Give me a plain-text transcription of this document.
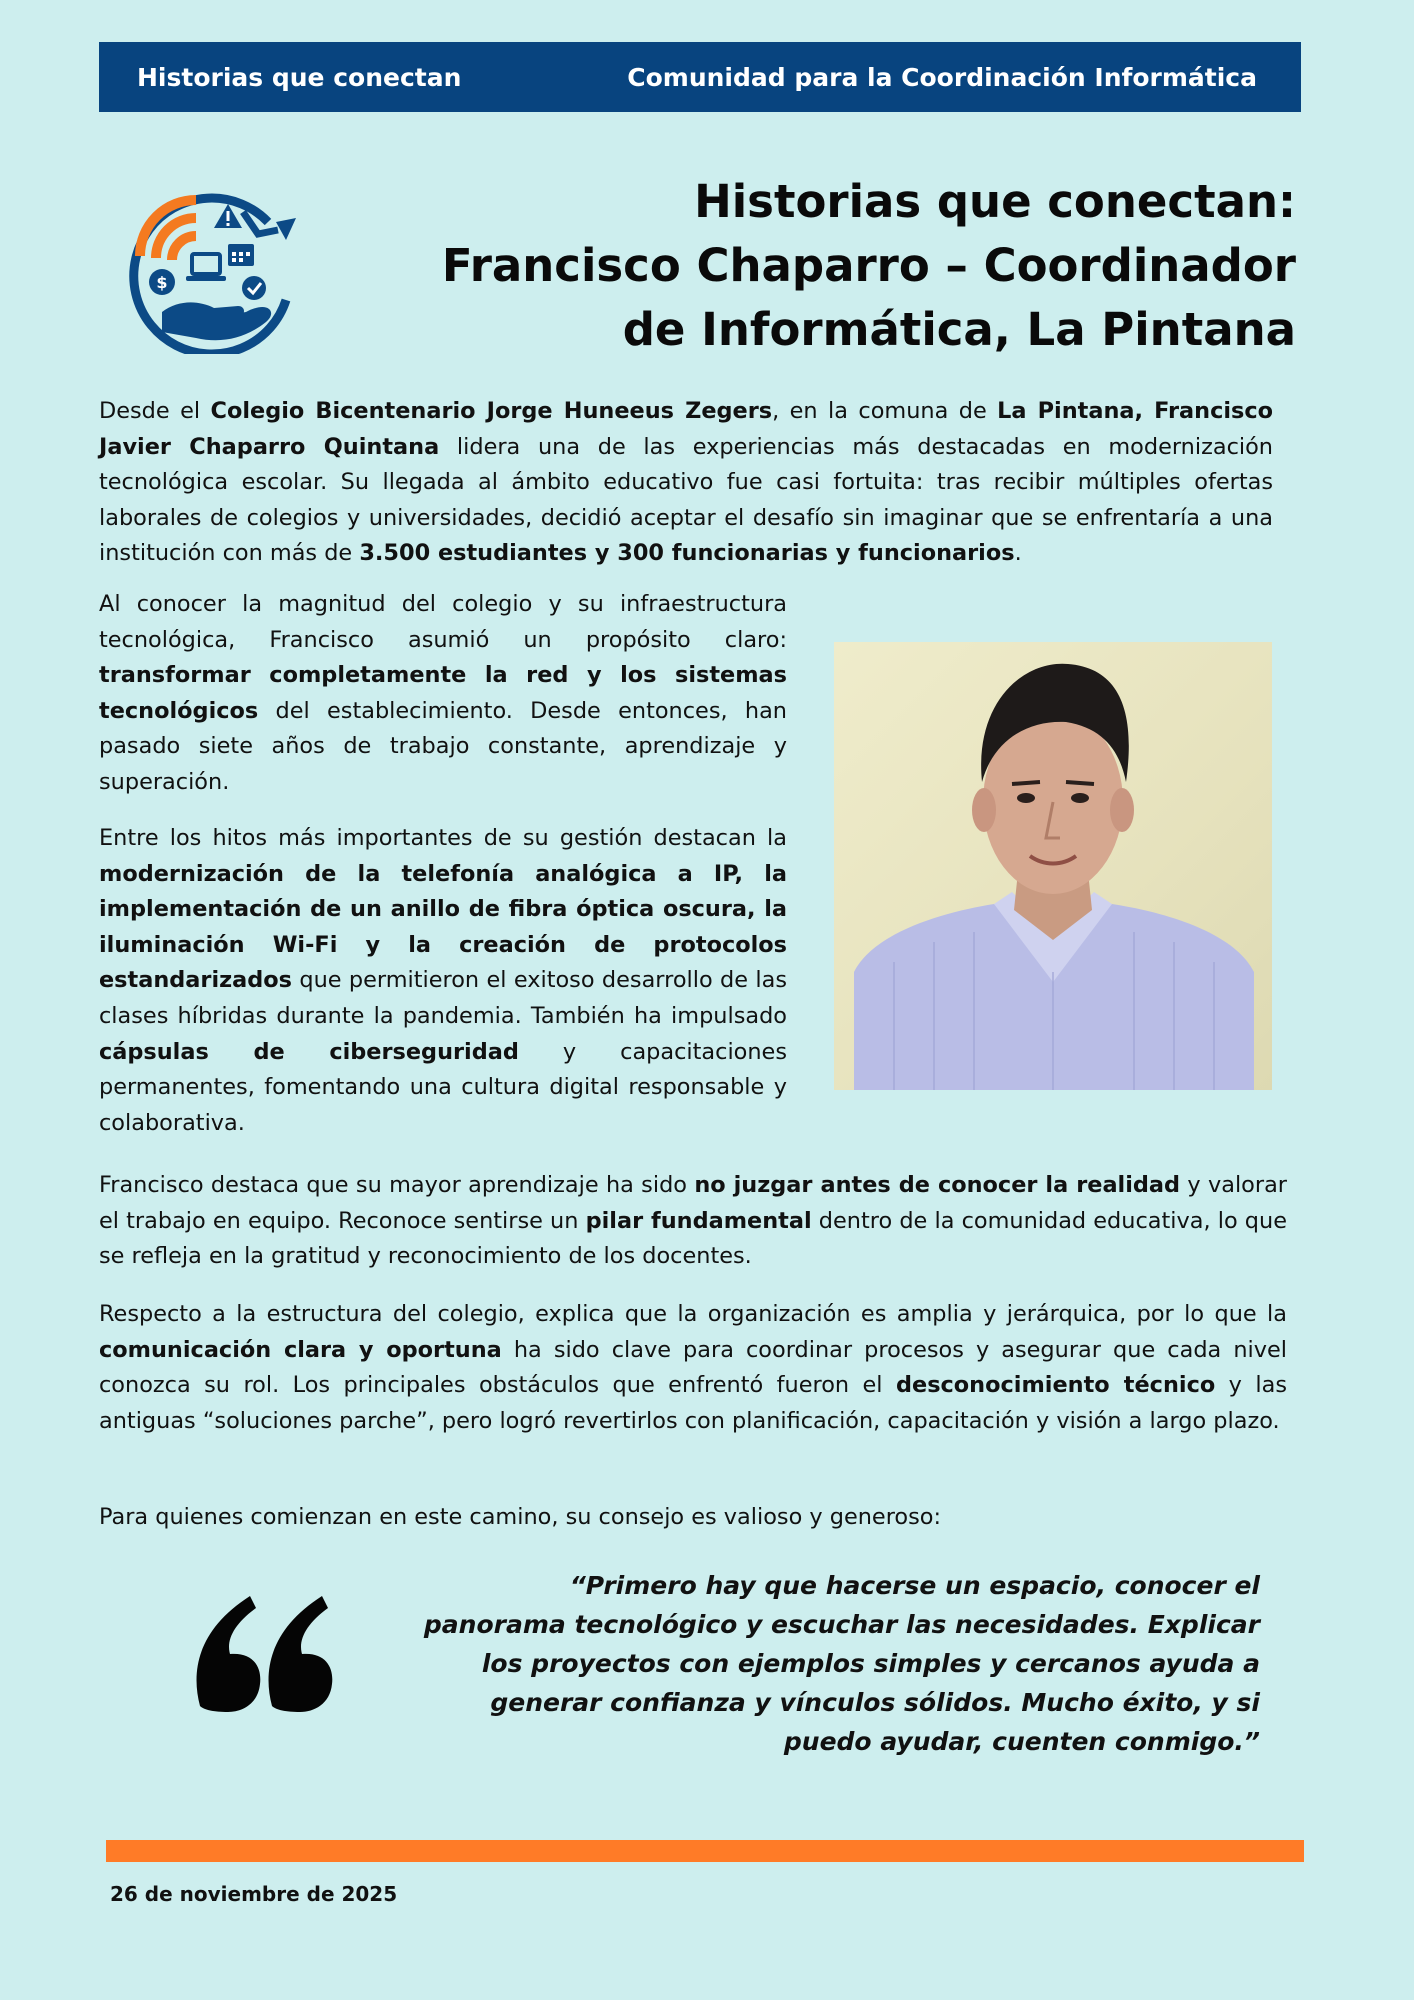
Historias que conectan	Comunidad para la Coordinación Informática
$
Historias que conectan: Francisco Chaparro – Coordinador de Informática, La Pintana

Desde el Colegio Bicentenario Jorge Huneeus Zegers, en la comuna de La Pintana, Francisco Javier Chaparro Quintana lidera una de las experiencias más destacadas en modernización tecnológica escolar. Su llegada al ámbito educativo fue casi fortuita: tras recibir múltiples ofertas laborales de colegios y universidades, decidió aceptar el desafío sin imaginar que se enfrentaría a una institución con más de 3.500 estudiantes y 300 funcionarias y funcionarios.

Al conocer la magnitud del colegio y su infraestructura tecnológica, Francisco asumió un propósito claro: transformar completamente la red y los sistemas tecnológicos del establecimiento. Desde entonces, han pasado siete años de trabajo constante, aprendizaje y superación.

Entre los hitos más importantes de su gestión destacan la modernización de la telefonía analógica a IP, la implementación de un anillo de fibra óptica oscura, la iluminación Wi-Fi y la creación de protocolos estandarizados que permitieron el exitoso desarrollo de las clases híbridas durante la pandemia. También ha impulsado cápsulas de ciberseguridad y capacitaciones permanentes, fomentando una cultura digital responsable y colaborativa.

Francisco destaca que su mayor aprendizaje ha sido no juzgar antes de conocer la realidad y valorar el trabajo en equipo. Reconoce sentirse un pilar fundamental dentro de la comunidad educativa, lo que se refleja en la gratitud y reconocimiento de los docentes.

Respecto a la estructura del colegio, explica que la organización es amplia y jerárquica, por lo que la comunicación clara y oportuna ha sido clave para coordinar procesos y asegurar que cada nivel conozca su rol. Los principales obstáculos que enfrentó fueron el desconocimiento técnico y las antiguas “soluciones parche”, pero logró revertirlos con planificación, capacitación y visión a largo plazo.

Para quienes comienzan en este camino, su consejo es valioso y generoso:

“Primero hay que hacerse un espacio, conocer el panorama tecnológico y escuchar las necesidades. Explicar los proyectos con ejemplos simples y cercanos ayuda a generar confianza y vínculos sólidos. Mucho éxito, y si puedo ayudar, cuenten conmigo.”

26 de noviembre de 2025
